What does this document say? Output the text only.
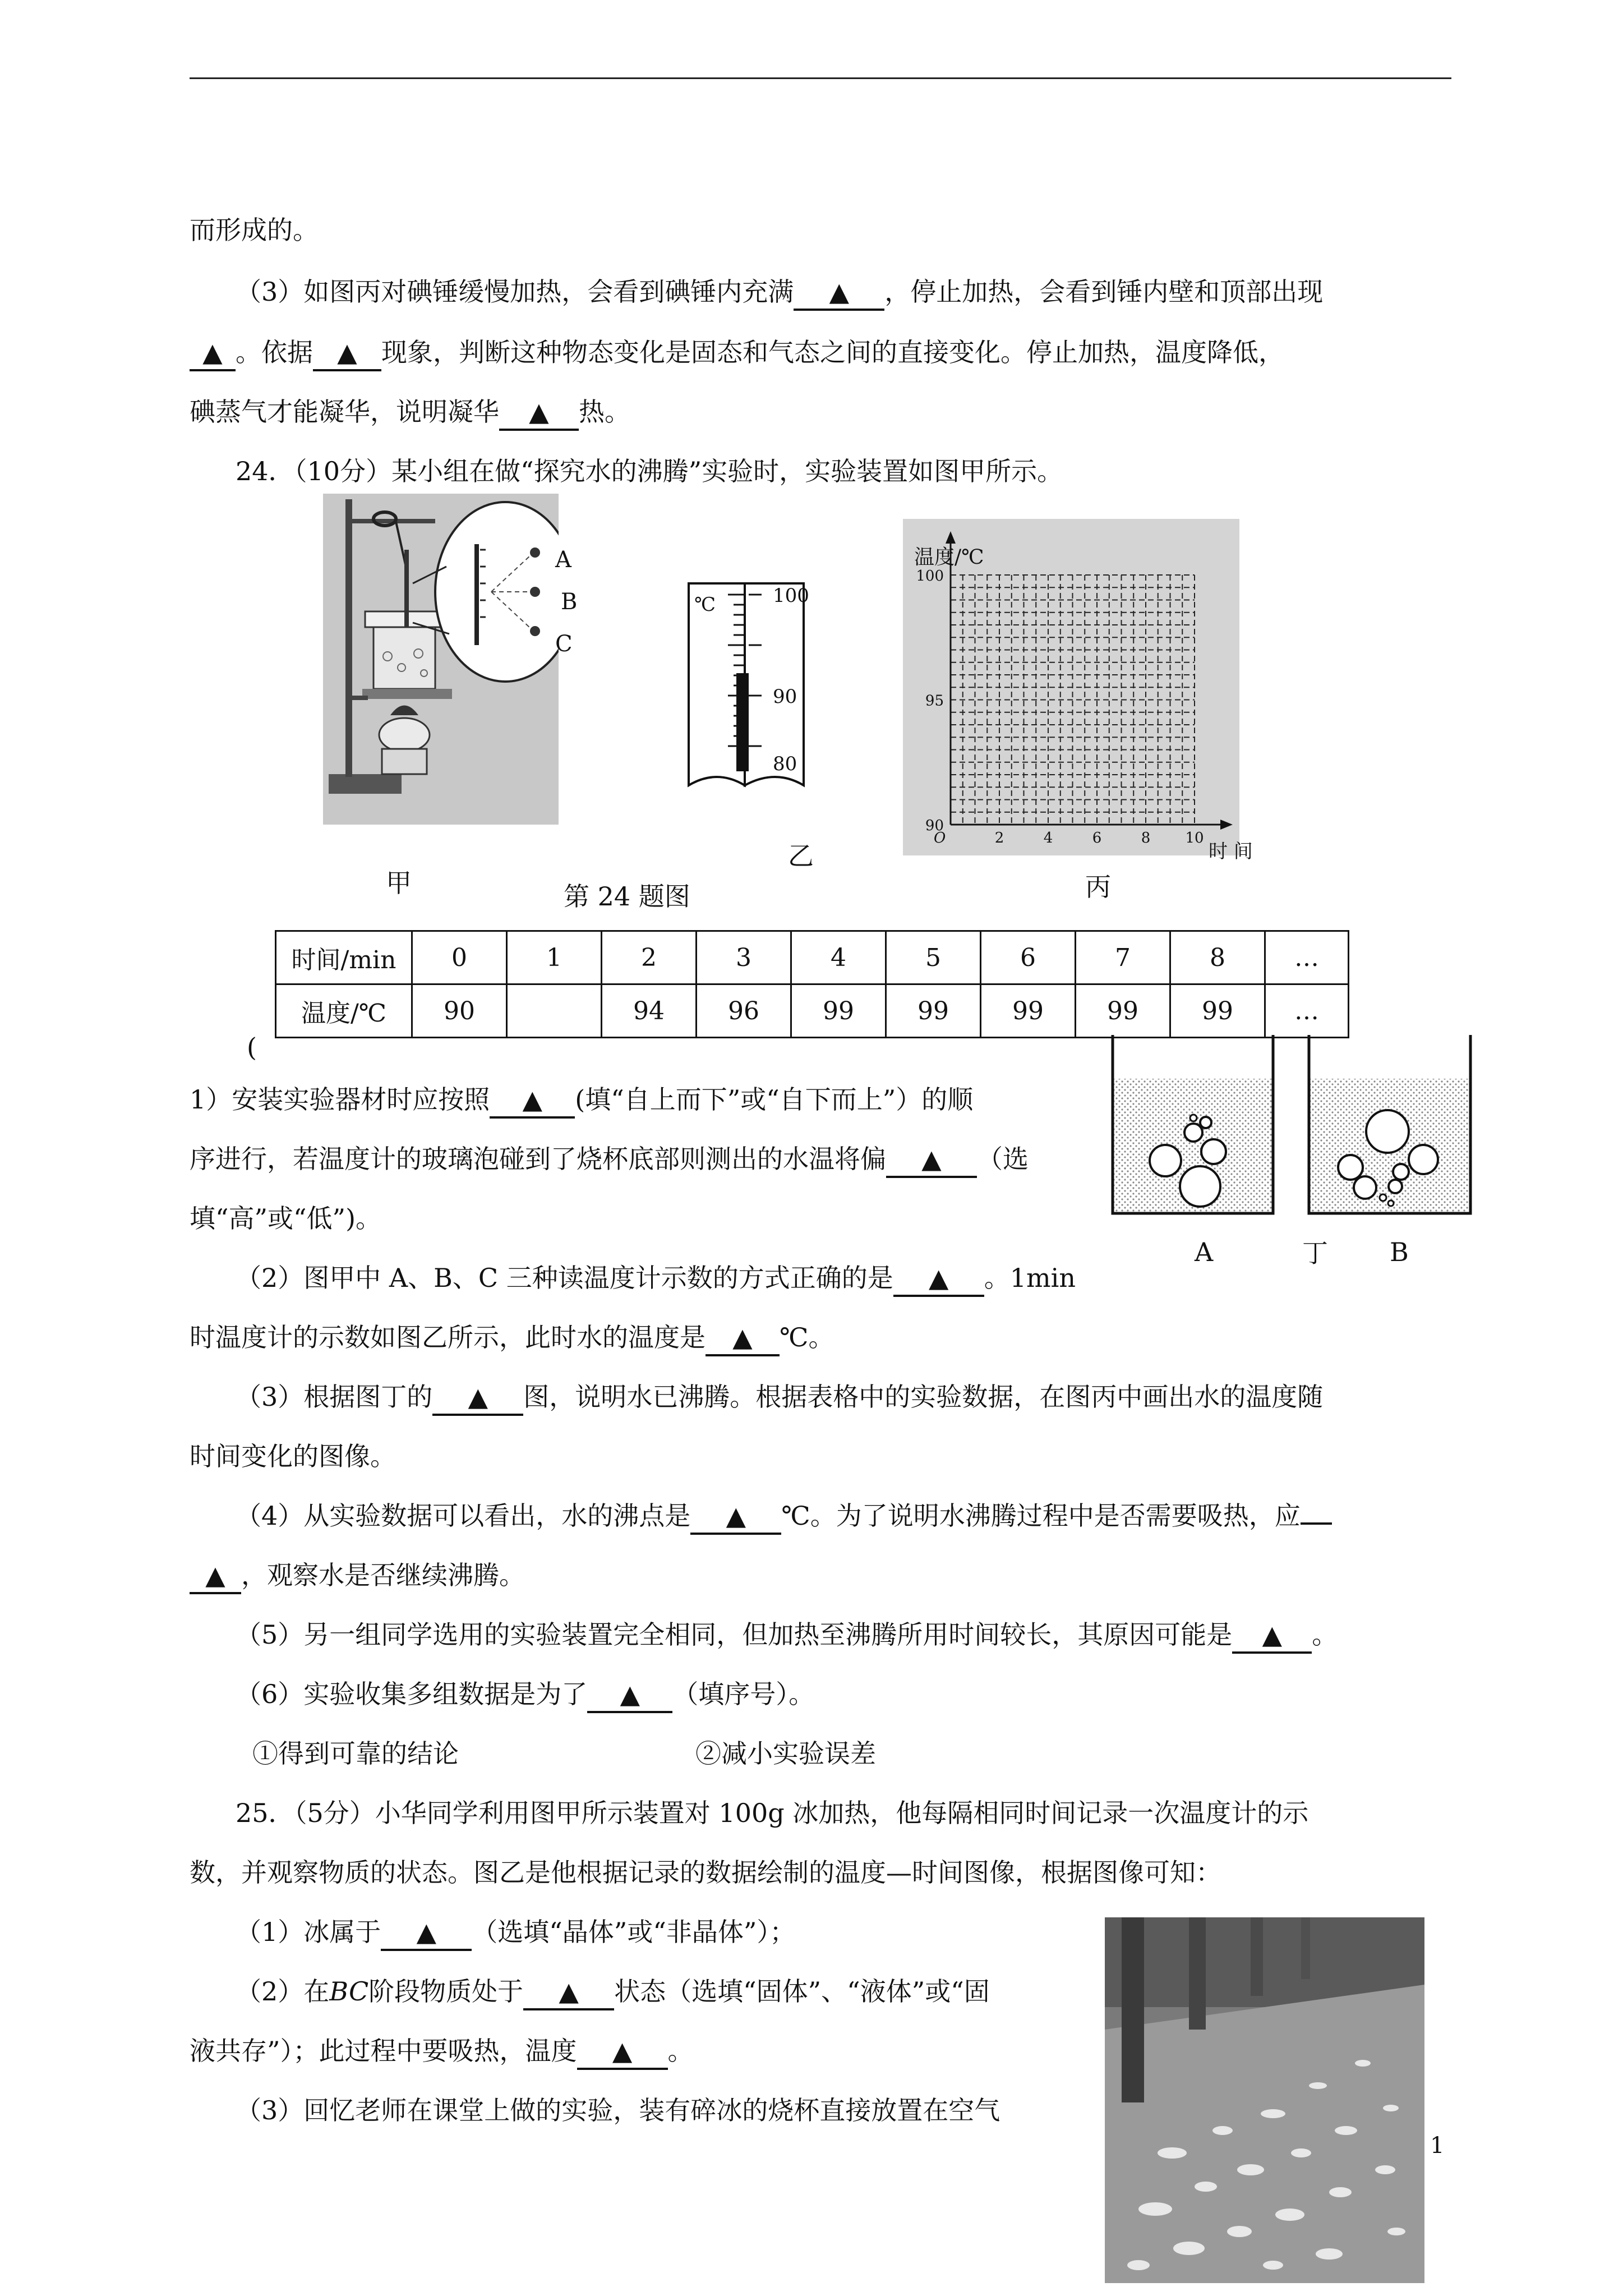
而形成的。
（3）如图丙对碘锤缓慢加热，会看到碘锤内充满 ▲ ，停止加热，会看到锤内壁和顶部出现
▲ 。依据 ▲ 现象，判断这种物态变化是固态和气态之间的直接变化。停止加热，温度降低，
碘蒸气才能凝华，说明凝华 ▲ 热。
24．（10分）某小组在做“探究水的沸腾”实验时，实验装置如图甲所示。
A
B
C
甲
℃	100
90
80
乙
100
95
90
2	4	6	8 10
O
温度/℃
时 间
丙
第 24 题图
时间/min	0	1	2	3	4	5	6	7	8	…
温度/℃	90		94	96	99	99	99	99	99	…
(
A	丁 B
1）安装实验器材时应按照 ▲ (填“自上而下”或“自下而上”）的顺
序进行，若温度计的玻璃泡碰到了烧杯底部则测出的水温将偏 ▲ （选
填“高”或“低”)。
（2）图甲中 A、B、C 三种读温度计示数的方式正确的是 ▲ 。1min
时温度计的示数如图乙所示，此时水的温度是 ▲ ℃。
（3）根据图丁的 ▲ 图，说明水已沸腾。根据表格中的实验数据，在图丙中画出水的温度随
时间变化的图像。
（4）从实验数据可以看出，水的沸点是 ▲ ℃。为了说明水沸腾过程中是否需要吸热，应
▲ ，观察水是否继续沸腾。
（5）另一组同学选用的实验装置完全相同，但加热至沸腾所用时间较长，其原因可能是 ▲ 。
（6）实验收集多组数据是为了 ▲ （填序号）。
①得到可靠的结论	②减小实验误差
25．（5分）小华同学利用图甲所示装置对 100g 冰加热，他每隔相同时间记录一次温度计的示
数，并观察物质的状态。图乙是他根据记录的数据绘制的温度—时间图像，根据图像可知：
（1）冰属于 ▲ （选填“晶体”或“非晶体”）；
（2）在BC阶段物质处于 ▲ 状态（选填“固体”、“液体”或“固
液共存”）；此过程中要吸热，温度 ▲ 。
（3）回忆老师在课堂上做的实验，装有碎冰的烧杯直接放置在空气
1
